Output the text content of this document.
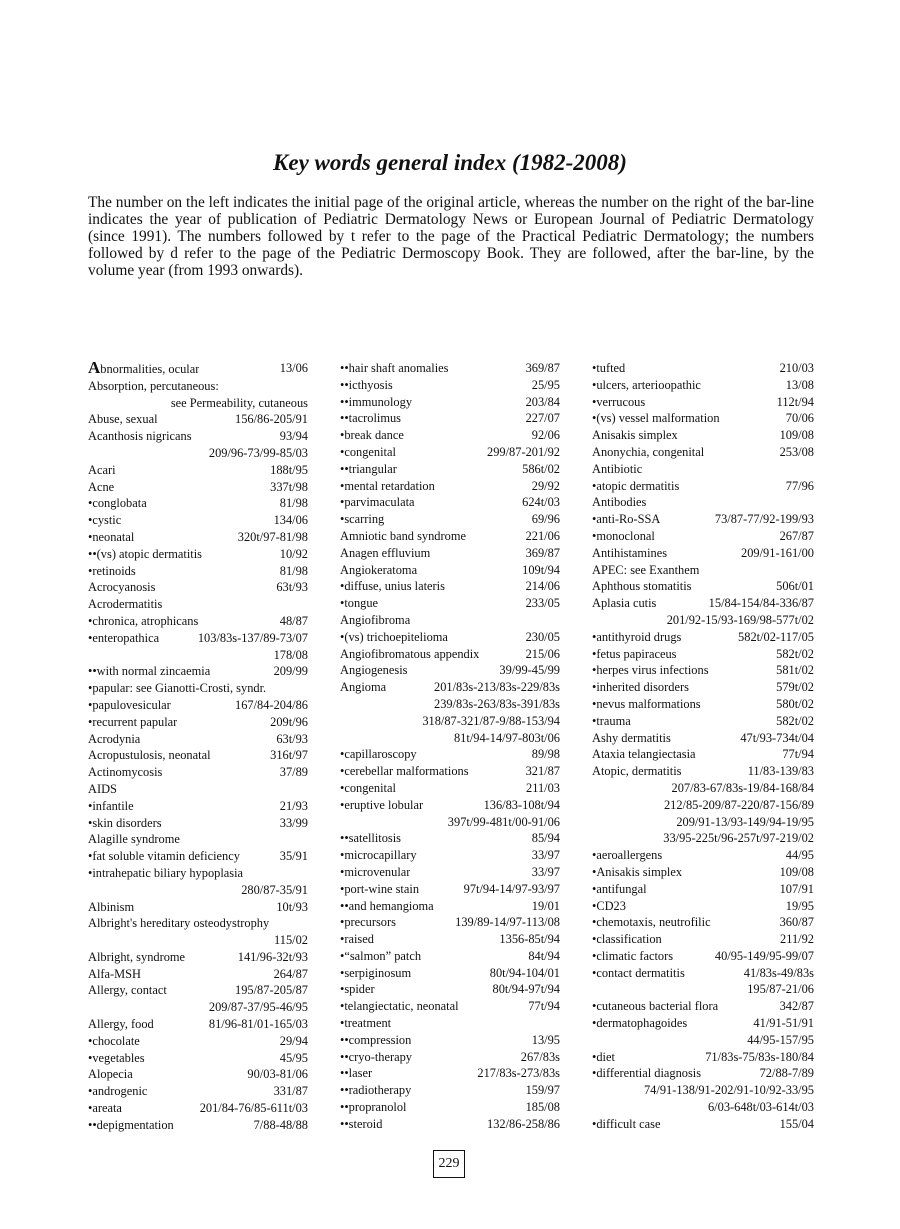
Key words general index (1982-2008)

The number on the left indicates the initial page of the original article, whereas the number on the right of the bar-line indicates the year of publication of Pediatric Dermatology News or European Journal of Pediatric Dermatology (since 1991). The numbers followed by t refer to the page of the Practical Pediatric Dermatology; the numbers followed by d refer to the page of the Pediatric Dermoscopy Book. They are followed, after the bar-line, by the volume year (from 1993 onwards).

Abnormalities, ocular	13/06
Absorption, percutaneous:
see Permeability, cutaneous
Abuse, sexual	156/86-205/91
Acanthosis nigricans	93/94
209/96-73/99-85/03
Acari	188t/95
Acne	337t/98
•conglobata	81/98
•cystic	134/06
•neonatal	320t/97-81/98
••(vs) atopic dermatitis	10/92
•retinoids	81/98
Acrocyanosis	63t/93
Acrodermatitis
•chronica, atrophicans	48/87
•enteropathica	103/83s-137/89-73/07
178/08
••with normal zincaemia	209/99
•papular: see Gianotti-Crosti, syndr.
•papulovesicular	167/84-204/86
•recurrent papular	209t/96
Acrodynia	63t/93
Acropustulosis, neonatal	316t/97
Actinomycosis	37/89
AIDS
•infantile	21/93
•skin disorders	33/99
Alagille syndrome
•fat soluble vitamin deficiency	35/91
•intrahepatic biliary hypoplasia
280/87-35/91
Albinism	10t/93
Albright's hereditary osteodystrophy
115/02
Albright, syndrome	141/96-32t/93
Alfa-MSH	264/87
Allergy, contact	195/87-205/87
209/87-37/95-46/95
Allergy, food	81/96-81/01-165/03
•chocolate	29/94
•vegetables	45/95
Alopecia	90/03-81/06
•androgenic	331/87
•areata	201/84-76/85-611t/03
••depigmentation	7/88-48/88
••hair shaft anomalies	369/87
••icthyosis	25/95
••immunology	203/84
••tacrolimus	227/07
•break dance	92/06
•congenital	299/87-201/92
••triangular	586t/02
•mental retardation	29/92
•parvimaculata	624t/03
•scarring	69/96
Amniotic band syndrome	221/06
Anagen effluvium	369/87
Angiokeratoma	109t/94
•diffuse, unius lateris	214/06
•tongue	233/05
Angiofibroma
•(vs) trichoepitelioma	230/05
Angiofibromatous appendix	215/06
Angiogenesis	39/99-45/99
Angioma	201/83s-213/83s-229/83s
239/83s-263/83s-391/83s
318/87-321/87-9/88-153/94
81t/94-14/97-803t/06
•capillaroscopy	89/98
•cerebellar malformations	321/87
•congenital	211/03
•eruptive lobular	136/83-108t/94
397t/99-481t/00-91/06
••satellitosis	85/94
•microcapillary	33/97
•microvenular	33/97
•port-wine stain	97t/94-14/97-93/97
••and hemangioma	19/01
•precursors	139/89-14/97-113/08
•raised	1356-85t/94
•“salmon” patch	84t/94
•serpiginosum	80t/94-104/01
•spider	80t/94-97t/94
•telangiectatic, neonatal	77t/94
•treatment
••compression	13/95
••cryo-therapy	267/83s
••laser	217/83s-273/83s
••radiotherapy	159/97
••propranolol	185/08
••steroid	132/86-258/86
•tufted	210/03
•ulcers, arterioopathic	13/08
•verrucous	112t/94
•(vs) vessel malformation	70/06
Anisakis simplex	109/08
Anonychia, congenital	253/08
Antibiotic
•atopic dermatitis	77/96
Antibodies
•anti-Ro-SSA	73/87-77/92-199/93
•monoclonal	267/87
Antihistamines	209/91-161/00
APEC: see Exanthem
Aphthous stomatitis	506t/01
Aplasia cutis	15/84-154/84-336/87
201/92-15/93-169/98-577t/02
•antithyroid drugs	582t/02-117/05
•fetus papiraceus	582t/02
•herpes virus infections	581t/02
•inherited disorders	579t/02
•nevus malformations	580t/02
•trauma	582t/02
Ashy dermatitis	47t/93-734t/04
Ataxia telangiectasia	77t/94
Atopic, dermatitis	11/83-139/83
207/83-67/83s-19/84-168/84
212/85-209/87-220/87-156/89
209/91-13/93-149/94-19/95
33/95-225t/96-257t/97-219/02
•aeroallergens	44/95
•Anisakis simplex	109/08
•antifungal	107/91
•CD23	19/95
•chemotaxis, neutrofilic	360/87
•classification	211/92
•climatic factors	40/95-149/95-99/07
•contact dermatitis	41/83s-49/83s
195/87-21/06
•cutaneous bacterial flora	342/87
•dermatophagoides	41/91-51/91
44/95-157/95
•diet	71/83s-75/83s-180/84
•differential diagnosis	72/88-7/89
74/91-138/91-202/91-10/92-33/95
6/03-648t/03-614t/03
•difficult case	155/04
229
